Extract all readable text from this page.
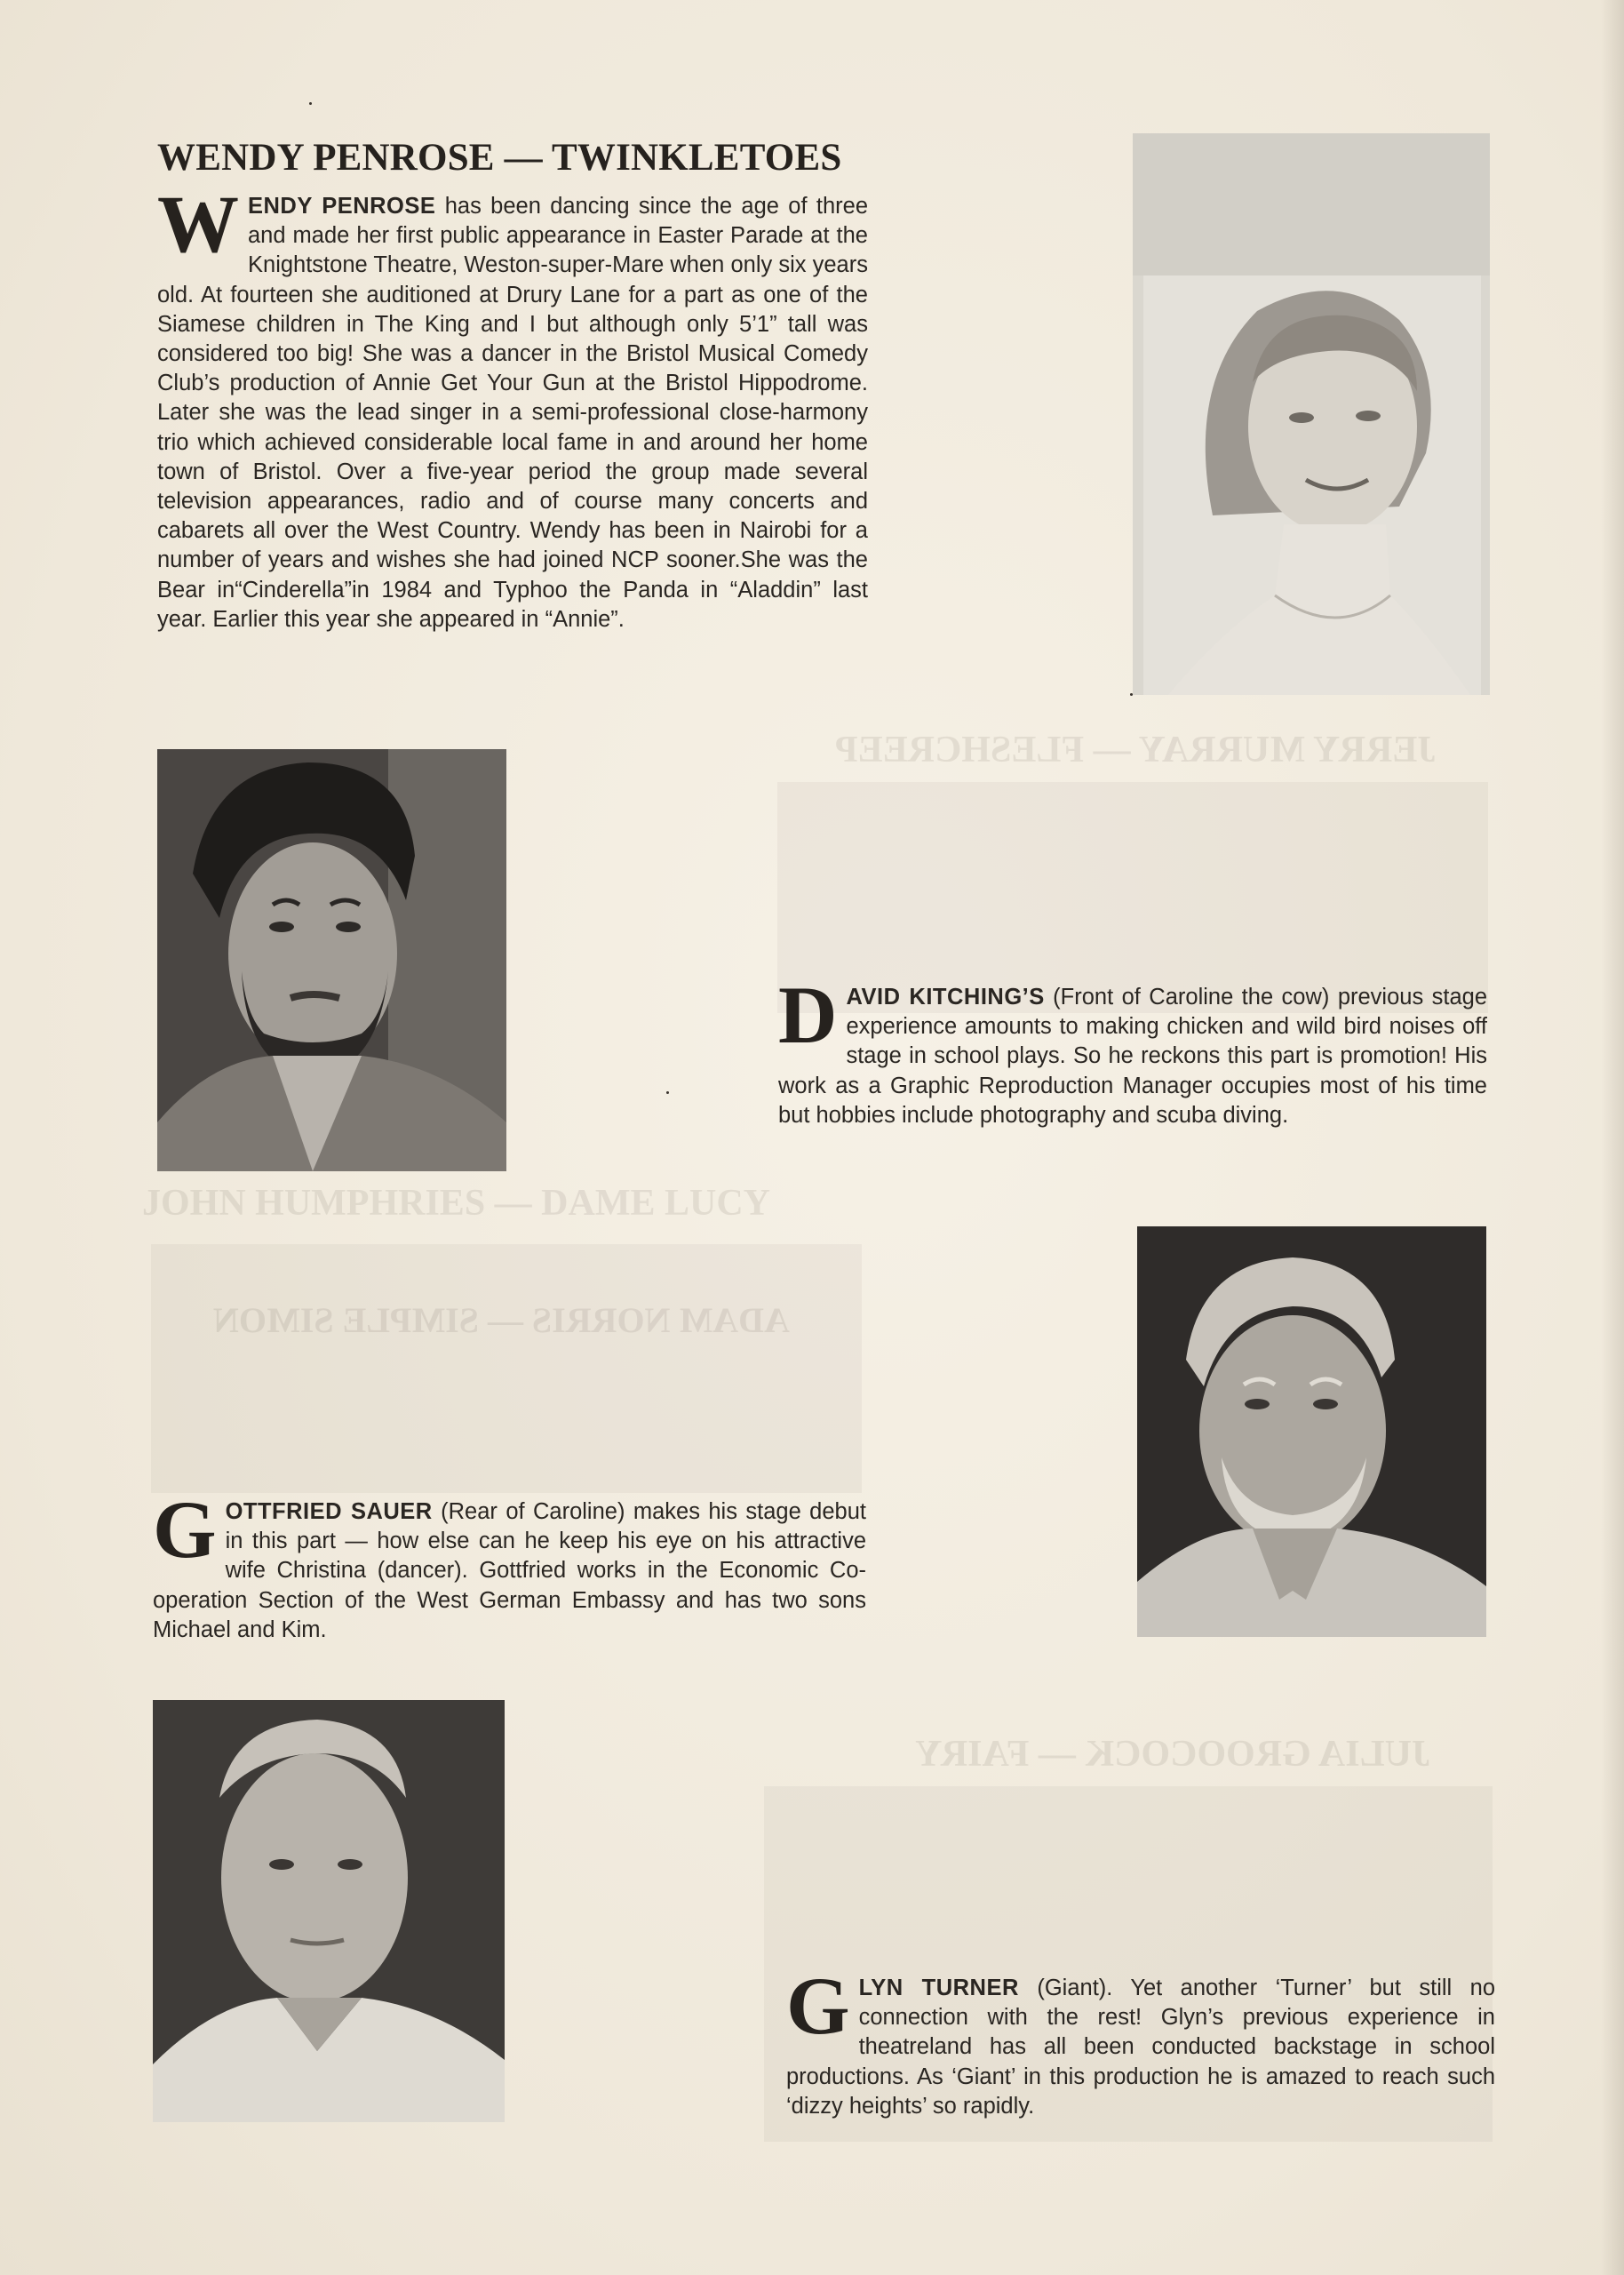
JERRY MURRAY — FLESHCREEP
JOHN HUMPHRIES — DAME LUCY
ADAM NORRIS — SIMPLE SIMON
JULIA GROOCOCK — FAIRY
WENDY PENROSE — TWINKLETOES
WENDY PENROSE has been dancing since the age of three and made her first public appearance in Easter Parade at the Knightstone Theatre, Weston-super-Mare when only six years old. At fourteen she auditioned at Drury Lane for a part as one of the Siamese children in The King and I but although only 5’1” tall was considered too big! She was a dancer in the Bristol Musical Comedy Club’s production of Annie Get Your Gun at the Bristol Hippodrome. Later she was the lead singer in a semi-professional close-harmony trio which achieved considerable local fame in and around her home town of Bristol. Over a five-year period the group made several television appearances, radio and of course many concerts and cabarets all over the West Country. Wendy has been in Nairobi for a number of years and wishes she had joined NCP sooner.She was the Bear in“Cinderella”in 1984 and Typhoo the Panda in “Aladdin” last year. Earlier this year she appeared in “Annie”.
DAVID KITCHING’S (Front of Caroline the cow) previous stage experience amounts to making chicken and wild bird noises off stage in school plays. So he reckons this part is promotion! His work as a Graphic Reproduction Manager occupies most of his time but hobbies include photography and scuba diving.
GOTTFRIED SAUER (Rear of Caroline) makes his stage debut in this part — how else can he keep his eye on his attractive wife Christina (dancer). Gottfried works in the Economic Co-operation Section of the West German Embassy and has two sons Michael and Kim.
GLYN TURNER (Giant). Yet another ‘Turner’ but still no connection with the rest! Glyn’s previous experience in theatreland has all been conducted backstage in school productions. As ‘Giant’ in this production he is amazed to reach such ‘dizzy heights’ so rapidly.
